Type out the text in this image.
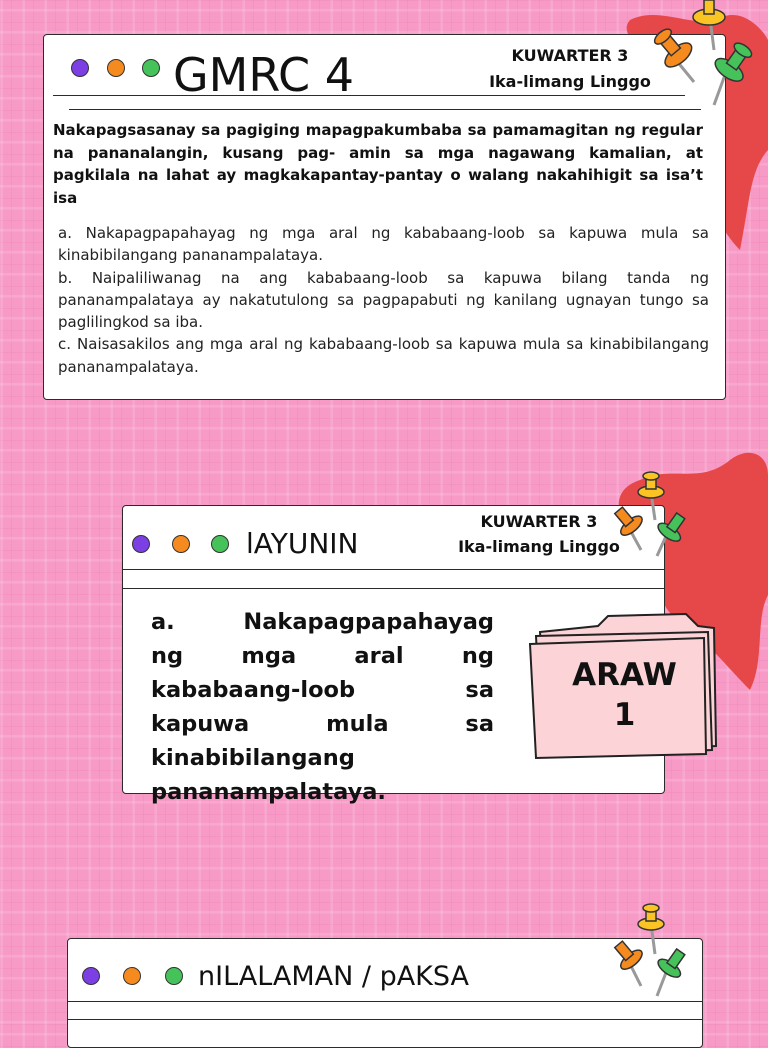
GMRC 4	KUWARTER 3
Ika-limang Linggo
Nakapagsasanay sa pagiging mapagpakumbaba sa pamamagitan ng regular na pananalangin, kusang pag- amin sa mga nagawang kamalian, at pagkilala na lahat ay magkakapantay-pantay o walang nakahihigit sa isa’t isa
a. Nakapagpapahayag ng mga aral ng kababaang-loob sa kapuwa mula sa kinabibilangang pananampalataya.
b. Naipaliliwanag na ang kababaang-loob sa kapuwa bilang tanda ng pananampalataya ay nakatutulong sa pagpapabuti ng kanilang ugnayan tungo sa paglilingkod sa iba.
c. Naisasakilos ang mga aral ng kababaang-loob sa kapuwa mula sa kinabibilangang pananampalataya.
lAYUNIN
KUWARTER 3
Ika-limang Linggo
a. Nakapagpapahayag
ng mga aral ng
kababaang-loob sa
kapuwa mula sa
kinabibilangang
pananampalataya.
ARAW
1
nILALAMAN / pAKSA
